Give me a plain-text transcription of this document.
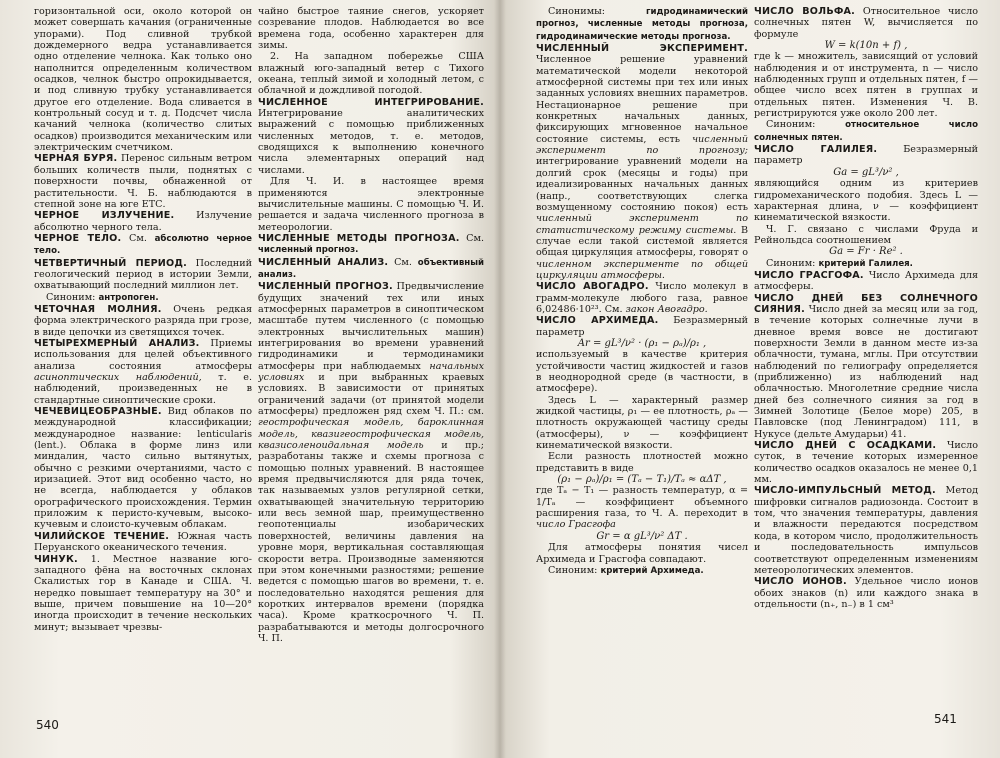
горизонтальной оси, около которой он может совершать качания (ограниченные упорами). Под сливной трубкой дождемерного ведра устанавливается одно отделение челнока. Как только оно наполнится определенным количеством осадков, челнок быстро опрокидывается, и под сливную трубку устанавливается другое его отделение. Вода сливается в контрольный сосуд и т. д. Подсчет числа качаний челнока (количество слитых осадков) производится механическим или электрическим счетчиком.

ЧЕРНАЯ БУРЯ. Перенос сильным ветром больших количеств пыли, поднятых с поверхности почвы, обнаженной от растительности. Ч. Б. наблюдаются в степной зоне на юге ЕТС.

ЧЕРНОЕ ИЗЛУЧЕНИЕ. Излучение абсолютно черного тела.

ЧЕРНОЕ ТЕЛО. См. абсолютно черное тело.

ЧЕТВЕРТИЧНЫЙ ПЕРИОД. Последний геологический период в истории Земли, охватывающий последний миллион лет.

Синоним: антропоген.

ЧЕТОЧНАЯ МОЛНИЯ. Очень редкая форма электрического разряда при грозе, в виде цепочки из светящихся точек.

ЧЕТЫРЕХМЕРНЫЙ АНАЛИЗ. Приемы использования для целей объективного анализа состояния атмосферы асиноптических наблюдений, т. е. наблюдений, произведенных не в стандартные синоптические сроки.

ЧЕЧЕВИЦЕОБРАЗНЫЕ. Вид облаков по международной классификации; международное название: lenticularis (lent.). Облака в форме линз или миндалин, часто сильно вытянутых, обычно с резкими очертаниями, часто с иризацией. Этот вид особенно часто, но не всегда, наблюдается у облаков орографического происхождения. Термин приложим к перисто-кучевым, высоко-кучевым и слоисто-кучевым облакам.

ЧИЛИЙСКОЕ ТЕЧЕНИЕ. Южная часть Перуанского океанического течения.

ЧИНУК. 1. Местное название юго-западного фёна на восточных склонах Скалистых гор в Канаде и США. Ч. нередко повышает температуру на 30° и выше, причем повышение на 10—20° иногда происходит в течение нескольких минут; вызывает чрезвы-

чайно быстрое таяние снегов, ускоряет созревание плодов. Наблюдается во все времена года, особенно характерен для зимы.

2. На западном побережье США влажный юго-западный ветер с Тихого океана, теплый зимой и холодный летом, с облачной и дождливой погодой.

ЧИСЛЕННОЕ ИНТЕГРИРОВАНИЕ. Интегрирование аналитических выражений с помощью приближенных численных методов, т. е. методов, сводящихся к выполнению конечного числа элементарных операций над числами.

Для Ч. И. в настоящее время применяются электронные вычислительные машины. С помощью Ч. И. решается и задача численного прогноза в метеорологии.

ЧИСЛЕННЫЕ МЕТОДЫ ПРОГНОЗА. См. численный прогноз.

ЧИСЛЕННЫЙ АНАЛИЗ. См. объективный анализ.

ЧИСЛЕННЫЙ ПРОГНОЗ. Предвычисление будущих значений тех или иных атмосферных параметров в синоптическом масштабе путем численного (с помощью электронных вычислительных машин) интегрирования во времени уравнений гидродинамики и термодинамики атмосферы при наблюдаемых начальных условиях и при выбранных краевых условиях. В зависимости от принятых ограничений задачи (от принятой модели атмосферы) предложен ряд схем Ч. П.: см. геострофическая модель, бароклинная модель, квазигеострофическая модель, квазисоленоидальная модель и пр.; разработаны также и схемы прогноза с помощью полных уравнений. В настоящее время предвычисляются для ряда точек, так называемых узлов регулярной сетки, охватывающей значительную территорию или весь земной шар, преимущественно геопотенциалы изобарических поверхностей, величины давления на уровне моря, вертикальная составляющая скорости ветра. Производные заменяются при этом конечными разностями; решение ведется с помощью шагов во времени, т. е. последовательно находятся решения для коротких интервалов времени (порядка часа). Кроме краткосрочного Ч. П. разрабатываются и методы долгосрочного Ч. П.

Синонимы: гидродинамический прогноз, численные методы прогноза, гидродинамические методы прогноза.

ЧИСЛЕННЫЙ ЭКСПЕРИМЕНТ. Численное решение уравнений математической модели некоторой атмосферной системы при тех или иных заданных условиях внешних параметров. Нестационарное решение при конкретных начальных данных, фиксирующих мгновенное начальное состояние системы, есть численный эксперимент по прогнозу; интегрирование уравнений модели на долгий срок (месяцы и годы) при идеализированных начальных данных (напр., соответствующих слегка возмущенному состоянию покоя) есть численный эксперимент по статистическому режиму системы. В случае если такой системой является общая циркуляция атмосферы, говорят о численном эксперименте по общей циркуляции атмосферы.

ЧИСЛО АВОГАДРО. Число молекул в грамм-молекуле любого газа, равное 6,02486·10²³. См. закон Авогадро.

ЧИСЛО АРХИМЕДА. Безразмерный параметр

Ar = gL³/ν² · (ρ₁ − ρₐ)/ρ₁ ,

используемый в качестве критерия устойчивости частиц жидкостей и газов в неоднородной среде (в частности, в атмосфере).

Здесь L — характерный размер жидкой частицы, ρ₁ — ее плотность, ρₐ — плотность окружающей частицу среды (атмосферы), ν — коэффициент кинематической вязкости.

Если разность плотностей можно представить в виде

(ρ₁ − ρₐ)/ρ₁ = (Tₐ − T₁)/Tₐ ≈ αΔT ,

где Tₐ − T₁ — разность температур, α = 1/Tₐ — коэффициент объемного расширения газа, то Ч. А. переходит в число Грасгофа

Gr = α gL³/ν² ΔT .

Для атмосферы понятия чисел Архимеда и Грасгофа совпадают.

Синоним: критерий Архимеда.

ЧИСЛО ВОЛЬФА. Относительное число солнечных пятен W, вычисляется по формуле

W = k(10n + f) ,

где k — множитель, зависящий от условий наблюдения и от инструмента, n — число наблюденных групп и отдельных пятен, f — общее число всех пятен в группах и отдельных пятен. Изменения Ч. В. регистрируются уже около 200 лет.

Синоним: относительное число солнечных пятен.

ЧИСЛО ГАЛИЛЕЯ. Безразмерный параметр

Ga = gL³/ν² ,

являющийся одним из критериев гидромеханического подобия. Здесь L — характерная длина, ν — коэффициент кинематической вязкости.

Ч. Г. связано с числами Фруда и Рейнольдса соотношением

Ga = Fr · Re² .

Синоним: критерий Галилея.

ЧИСЛО ГРАСГОФА. Число Архимеда для атмосферы.

ЧИСЛО ДНЕЙ БЕЗ СОЛНЕЧНОГО СИЯНИЯ. Число дней за месяц или за год, в течение которых солнечные лучи в дневное время вовсе не достигают поверхности Земли в данном месте из-за облачности, тумана, мглы. При отсутствии наблюдений по гелиографу определяется (приближенно) из наблюдений над облачностью. Многолетние средние числа дней без солнечного сияния за год в Зимней Золотице (Белое море) 205, в Павловске (под Ленинградом) 111, в Нукусе (дельте Амударьи) 41.

ЧИСЛО ДНЕЙ С ОСАДКАМИ. Число суток, в течение которых измеренное количество осадков оказалось не менее 0,1 мм.

ЧИСЛО-ИМПУЛЬСНЫЙ МЕТОД. Метод шифровки сигналов радиозонда. Состоит в том, что значения температуры, давления и влажности передаются посредством кода, в котором число, продолжительность и последовательность импульсов соответствуют определенным изменениям метеорологических элементов.

ЧИСЛО ИОНОВ. Удельное число ионов обоих знаков (n) или каждого знака в отдельности (n₊, n₋) в 1 см³

540	541
